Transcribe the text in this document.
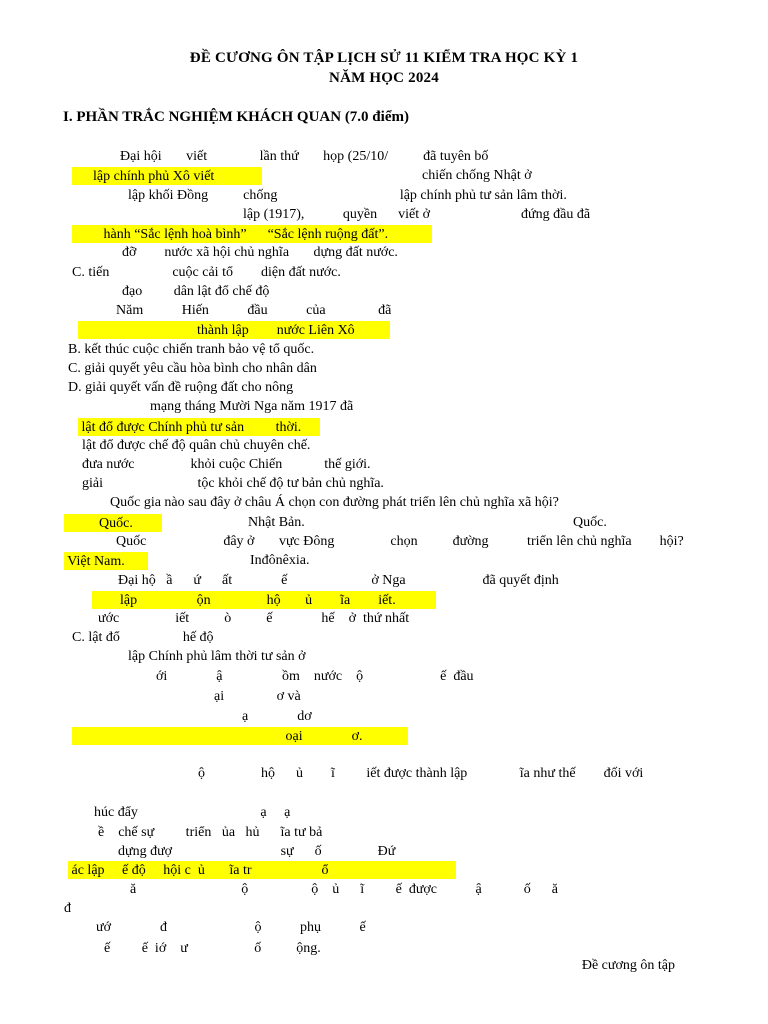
ĐỀ CƯƠNG ÔN TẬP LỊCH SỬ 11 KIỂM TRA HỌC KỲ 1
NĂM HỌC 2024
I. PHẦN TRẮC NGHIỆM KHÁCH QUAN (7.0 điểm)
Đại hội       viết               lần thứ       họp (25/10/          đã tuyên bố
lập chính phủ Xô viết	chiến chống Nhật ở
lập khối Đồng          chống                                   lập chính phủ tư sản lâm thời.
lập (1917),           quyền      viết ở                          đứng đầu đã
hành “Sắc lệnh hoà bình”      “Sắc lệnh ruộng đất”.
đỡ        nước xã hội chủ nghĩa       dựng đất nước.
C. tiến                  cuộc cải tổ        diện đất nước.
đạo         dân lật đổ chế độ
Năm           Hiến           đầu           của               đã
thành lập        nước Liên Xô
B. kết thúc cuộc chiến tranh bảo vệ tổ quốc.
C. giải quyết yêu cầu hòa bình cho nhân dân
D. giải quyết vấn đề ruộng đất cho nông
mạng tháng Mười Nga năm 1917 đã
lật đổ được Chính phủ tư sản         thời.
lật đổ được chế độ quân chủ chuyên chế.
đưa nước                khỏi cuộc Chiến            thế giới.
giải                           tộc khỏi chế độ tư bản chủ nghĩa.
Quốc gia nào sau đây ở châu Á chọn con đường phát triển lên chủ nghĩa xã hội?
Quốc.	Nhật Bản.	Quốc.
Quốc                      đây ở       vực Đông                chọn          đường           triển lên chủ nghĩa        hội?
Việt Nam.	Inđônêxia.
Đại hộ   ầ      ứ      ất              ế                        ở Nga                      đã quyết định
lập                 ộn                hộ       ủ        ĩa        iết.
ước                iết          ò          ế              hế    ở  thứ nhất
C. lật đổ                  hế độ
lập Chính phủ lâm thời tư sản ở
ới              ậ                 ồm    nước    ộ                      ế  đầu
ại               ơ và
ạ              dơ
oại              ơ.
ộ                hộ      ủ        ĩ         iết được thành lập               ĩa như thế        đối với
húc đẩy                                   ạ     ạ
ề    chế sự         triển   ủa   hủ      ĩa tư bả
dựng đượ                               sự      ố                Đứ
ác lập     ế độ     hội c  ủ       ĩa tr                    ổ
ă                              ộ                  ộ    ủ      ĩ         ế  được           ậ            ố      ă
đ
ướ              đ                         ộ           phụ           ế
ế         ế  iớ    ư                   ố          ộng.
Đề cương ôn tập
